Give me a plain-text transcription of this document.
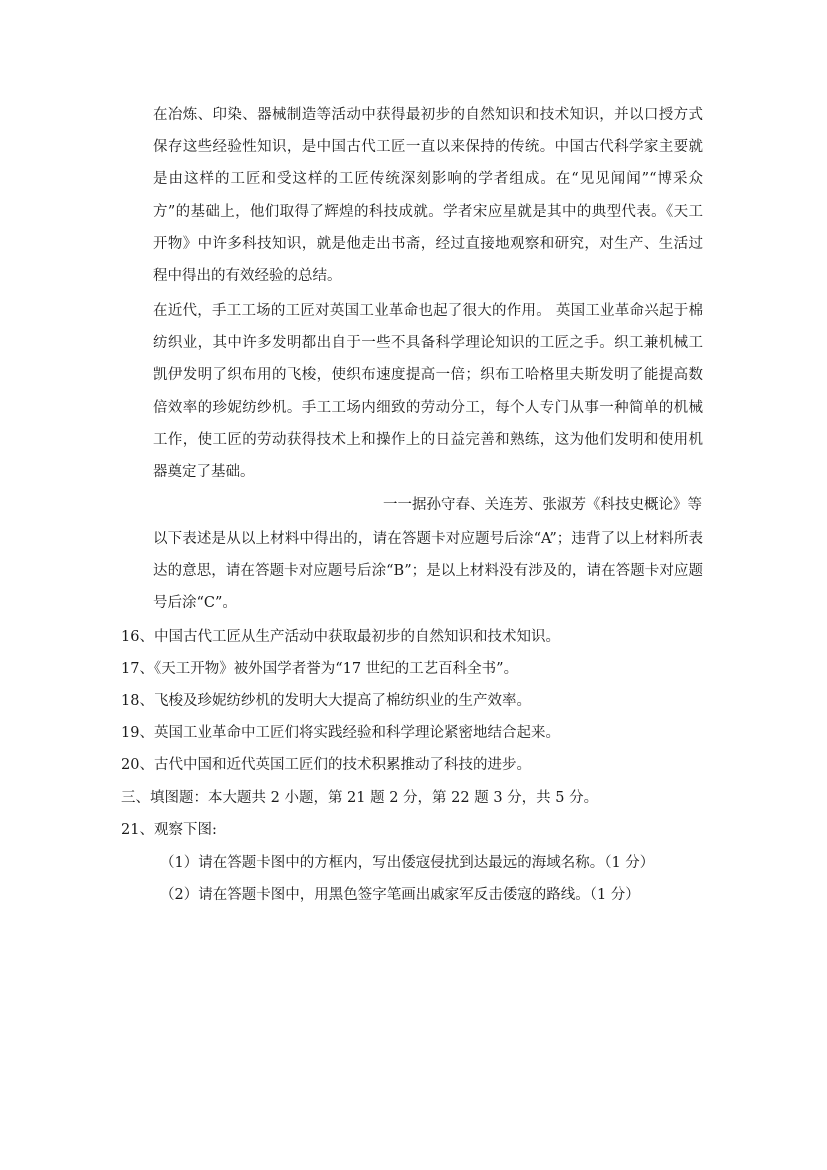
在冶炼、印染、器械制造等活动中获得最初步的自然知识和技术知识，并以口授方式保存这些经验性知识，是中国古代工匠一直以来保持的传统。中国古代科学家主要就是由这样的工匠和受这样的工匠传统深刻影响的学者组成。在“见见闻闻”“博采众方”的基础上，他们取得了辉煌的科技成就。学者宋应星就是其中的典型代表。《天工开物》中许多科技知识，就是他走出书斋，经过直接地观察和研究，对生产、生活过程中得出的有效经验的总结。

在近代，手工工场的工匠对英国工业革命也起了很大的作用。 英国工业革命兴起于棉纺织业，其中许多发明都出自于一些不具备科学理论知识的工匠之手。织工兼机械工凯伊发明了织布用的飞梭，使织布速度提高一倍；织布工哈格里夫斯发明了能提高数倍效率的珍妮纺纱机。手工工场内细致的劳动分工，每个人专门从事一种简单的机械工作，使工匠的劳动获得技术上和操作上的日益完善和熟练，这为他们发明和使用机器奠定了基础。

一一据孙守春、关连芳、张淑芳《科技史概论》等

以下表述是从以上材料中得出的，请在答题卡对应题号后涂“A”；违背了以上材料所表达的意思，请在答题卡对应题号后涂“B”；是以上材料没有涉及的，请在答题卡对应题号后涂“C”。

16、中国古代工匠从生产活动中获取最初步的自然知识和技术知识。
17、《天工开物》被外国学者誉为“17 世纪的工艺百科全书”。
18、飞梭及珍妮纺纱机的发明大大提高了棉纺织业的生产效率。
19、英国工业革命中工匠们将实践经验和科学理论紧密地结合起来。
20、古代中国和近代英国工匠们的技术积累推动了科技的进步。
三、填图题：本大题共 2 小题，第 21 题 2 分，第 22 题 3 分，共 5 分。
21、观察下图:
（1）请在答题卡图中的方框内，写出倭寇侵扰到达最远的海域名称。（1 分）
（2）请在答题卡图中，用黑色签字笔画出戚家军反击倭寇的路线。（1 分）
